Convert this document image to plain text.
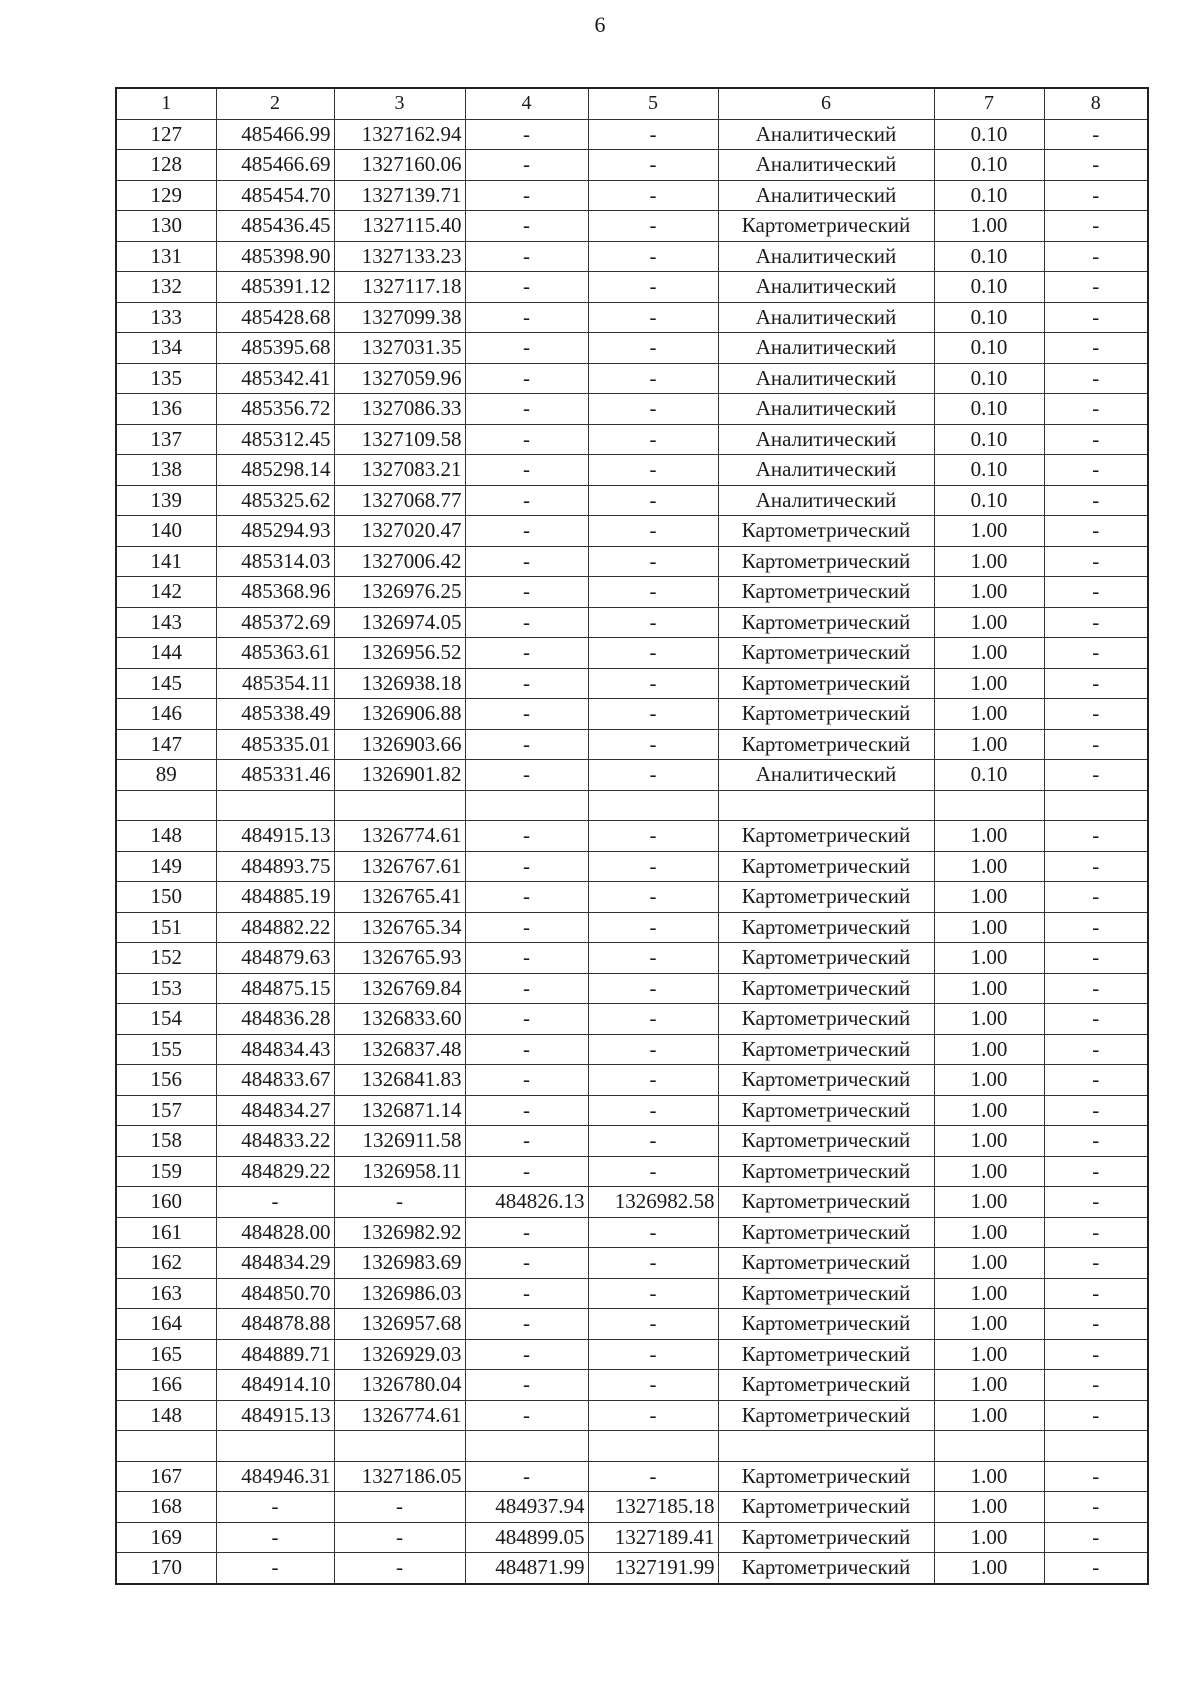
6
1	2	3	4	5	6	7	8
127	485466.99	1327162.94	-	-	Аналитический	0.10	-
128	485466.69	1327160.06	-	-	Аналитический	0.10	-
129	485454.70	1327139.71	-	-	Аналитический	0.10	-
130	485436.45	1327115.40	-	-	Картометрический	1.00	-
131	485398.90	1327133.23	-	-	Аналитический	0.10	-
132	485391.12	1327117.18	-	-	Аналитический	0.10	-
133	485428.68	1327099.38	-	-	Аналитический	0.10	-
134	485395.68	1327031.35	-	-	Аналитический	0.10	-
135	485342.41	1327059.96	-	-	Аналитический	0.10	-
136	485356.72	1327086.33	-	-	Аналитический	0.10	-
137	485312.45	1327109.58	-	-	Аналитический	0.10	-
138	485298.14	1327083.21	-	-	Аналитический	0.10	-
139	485325.62	1327068.77	-	-	Аналитический	0.10	-
140	485294.93	1327020.47	-	-	Картометрический	1.00	-
141	485314.03	1327006.42	-	-	Картометрический	1.00	-
142	485368.96	1326976.25	-	-	Картометрический	1.00	-
143	485372.69	1326974.05	-	-	Картометрический	1.00	-
144	485363.61	1326956.52	-	-	Картометрический	1.00	-
145	485354.11	1326938.18	-	-	Картометрический	1.00	-
146	485338.49	1326906.88	-	-	Картометрический	1.00	-
147	485335.01	1326903.66	-	-	Картометрический	1.00	-
89	485331.46	1326901.82	-	-	Аналитический	0.10	-

148	484915.13	1326774.61	-	-	Картометрический	1.00	-
149	484893.75	1326767.61	-	-	Картометрический	1.00	-
150	484885.19	1326765.41	-	-	Картометрический	1.00	-
151	484882.22	1326765.34	-	-	Картометрический	1.00	-
152	484879.63	1326765.93	-	-	Картометрический	1.00	-
153	484875.15	1326769.84	-	-	Картометрический	1.00	-
154	484836.28	1326833.60	-	-	Картометрический	1.00	-
155	484834.43	1326837.48	-	-	Картометрический	1.00	-
156	484833.67	1326841.83	-	-	Картометрический	1.00	-
157	484834.27	1326871.14	-	-	Картометрический	1.00	-
158	484833.22	1326911.58	-	-	Картометрический	1.00	-
159	484829.22	1326958.11	-	-	Картометрический	1.00	-
160	-	-	484826.13	1326982.58	Картометрический	1.00	-
161	484828.00	1326982.92	-	-	Картометрический	1.00	-
162	484834.29	1326983.69	-	-	Картометрический	1.00	-
163	484850.70	1326986.03	-	-	Картометрический	1.00	-
164	484878.88	1326957.68	-	-	Картометрический	1.00	-
165	484889.71	1326929.03	-	-	Картометрический	1.00	-
166	484914.10	1326780.04	-	-	Картометрический	1.00	-
148	484915.13	1326774.61	-	-	Картометрический	1.00	-

167	484946.31	1327186.05	-	-	Картометрический	1.00	-
168	-	-	484937.94	1327185.18	Картометрический	1.00	-
169	-	-	484899.05	1327189.41	Картометрический	1.00	-
170	-	-	484871.99	1327191.99	Картометрический	1.00	-
